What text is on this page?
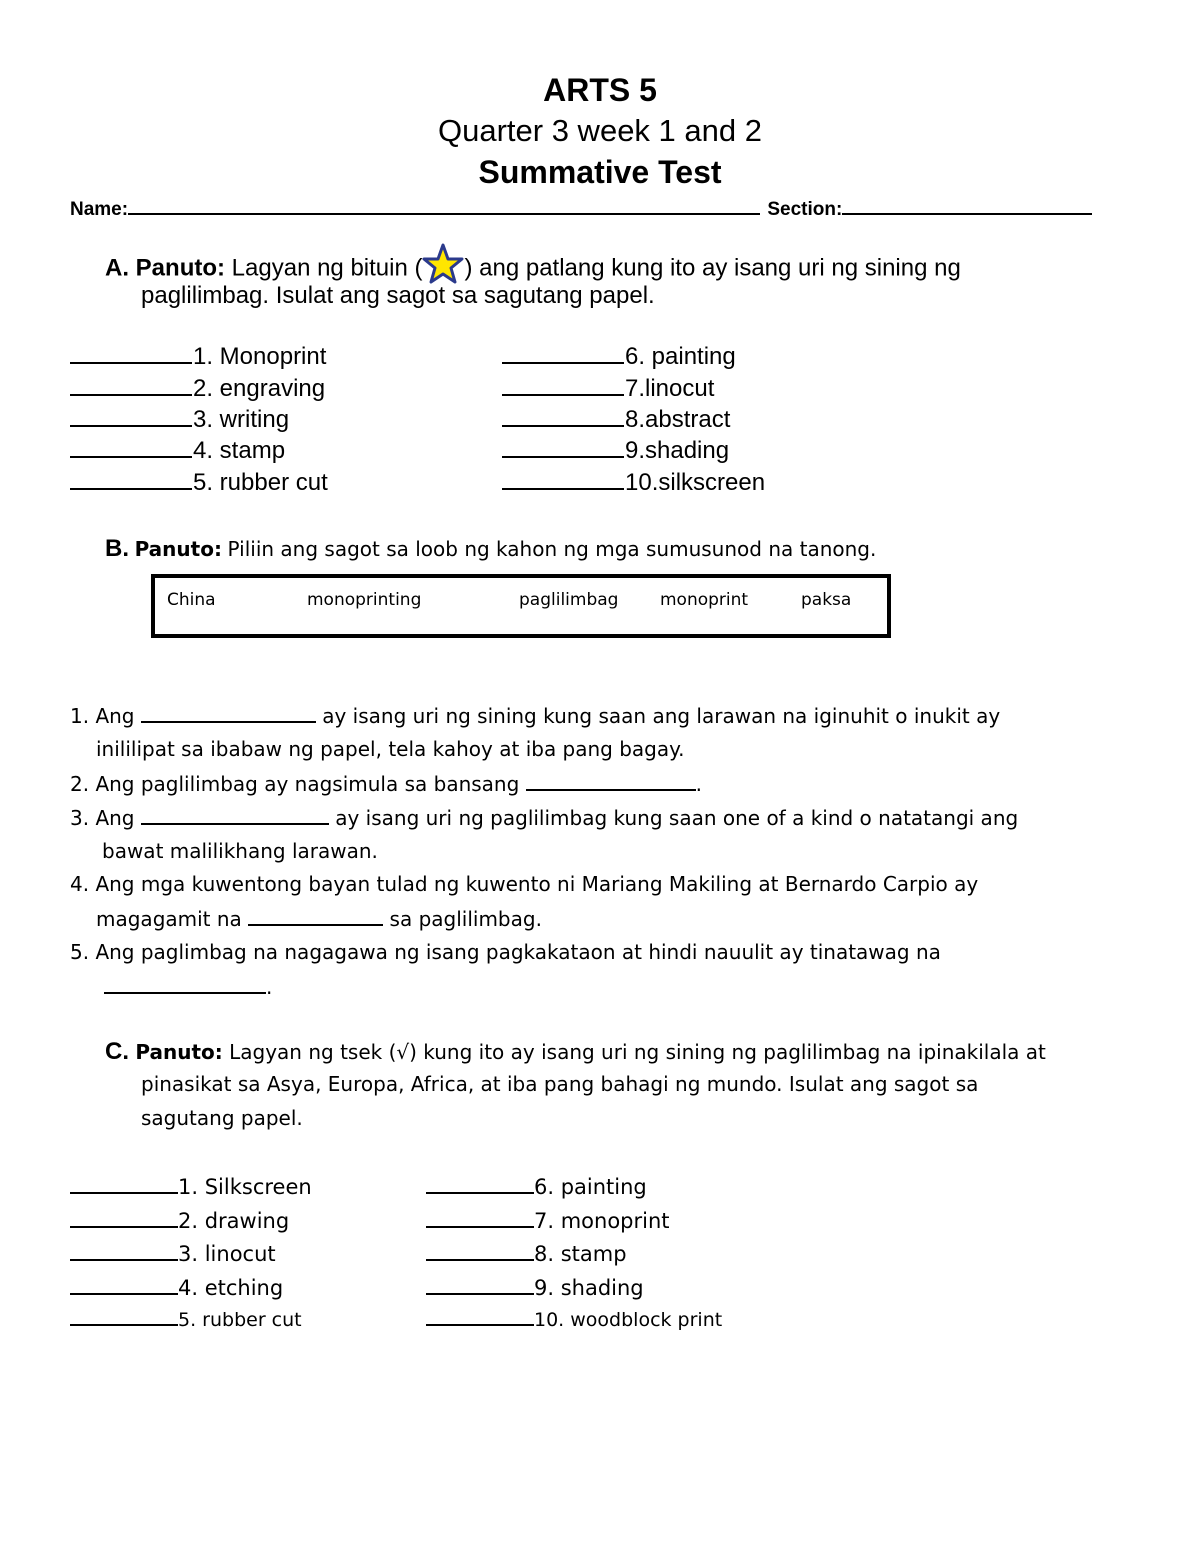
ARTS 5
Quarter 3 week 1 and 2
Summative Test
Name:	Section:
A. Panuto: Lagyan ng bituin ( ) ang patlang kung ito ay isang uri ng sining ng
paglilimbag. Isulat ang sagot sa sagutang papel.
1. Monoprint
2. engraving
3. writing
4. stamp
5. rubber cut
6. painting
7.linocut
8.abstract
9.shading
10.silkscreen
B. Panuto: Piliin ang sagot sa loob ng kahon ng mga sumusunod na tanong.
China	monoprinting	paglilimbag monoprint	paksa
1. Ang	ay isang uri ng sining kung saan ang larawan na iginuhit o inukit ay
inililipat sa ibabaw ng papel, tela kahoy at iba pang bagay.
2. Ang paglilimbag ay nagsimula sa bansang	.
3. Ang	ay isang uri ng paglilimbag kung saan one of a kind o natatangi ang
bawat malilikhang larawan.
4. Ang mga kuwentong bayan tulad ng kuwento ni Mariang Makiling at Bernardo Carpio ay
magagamit na	sa paglilimbag.
5. Ang paglimbag na nagagawa ng isang pagkakataon at hindi nauulit ay tinatawag na
.
C. Panuto: Lagyan ng tsek (√) kung ito ay isang uri ng sining ng paglilimbag na ipinakilala at
pinasikat sa Asya, Europa, Africa, at iba pang bahagi ng mundo. Isulat ang sagot sa
sagutang papel.
1. Silkscreen
2. drawing
3. linocut
4. etching
5. rubber cut
6. painting
7. monoprint
8. stamp
9. shading
10. woodblock print
